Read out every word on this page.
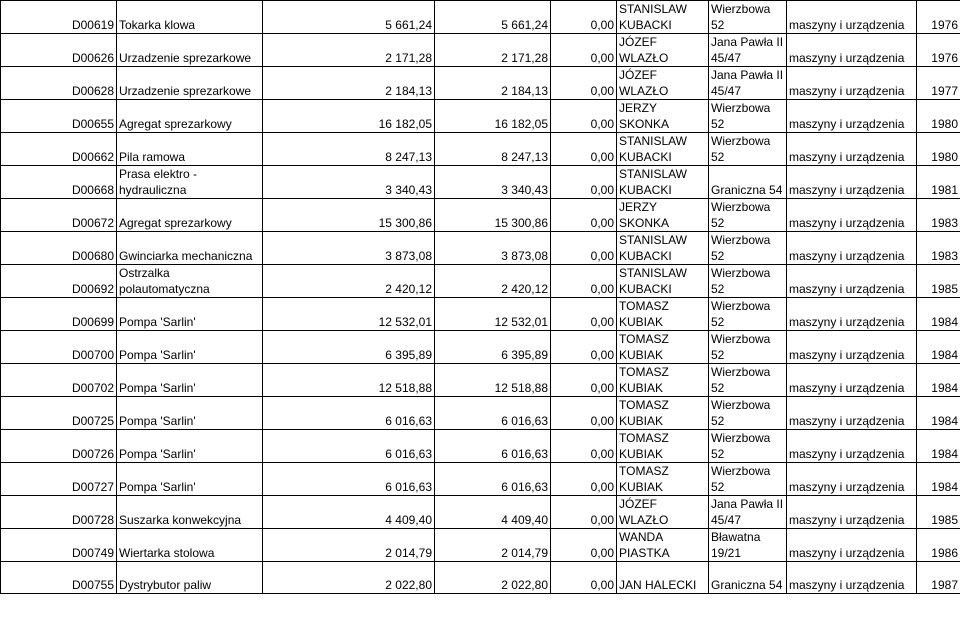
D00619	Tokarka klowa	5 661,24	5 661,24	0,00	STANISLAW KUBACKI	Wierzbowa 52	maszyny i urządzenia	1976
D00626	Urzadzenie sprezarkowe	2 171,28	2 171,28	0,00	JÓZEF WLAZŁO	Jana Pawła II 45/47	maszyny i urządzenia	1976
D00628	Urzadzenie sprezarkowe	2 184,13	2 184,13	0,00	JÓZEF WLAZŁO	Jana Pawła II 45/47	maszyny i urządzenia	1977
D00655	Agregat sprezarkowy	16 182,05	16 182,05	0,00	JERZY SKONKA	Wierzbowa 52	maszyny i urządzenia	1980
D00662	Pila ramowa	8 247,13	8 247,13	0,00	STANISLAW KUBACKI	Wierzbowa 52	maszyny i urządzenia	1980
D00668	Prasa elektro - hydrauliczna	3 340,43	3 340,43	0,00	STANISLAW KUBACKI	Graniczna 54	maszyny i urządzenia	1981
D00672	Agregat sprezarkowy	15 300,86	15 300,86	0,00	JERZY SKONKA	Wierzbowa 52	maszyny i urządzenia	1983
D00680	Gwinciarka mechaniczna	3 873,08	3 873,08	0,00	STANISLAW KUBACKI	Wierzbowa 52	maszyny i urządzenia	1983
D00692	Ostrzalka polautomatyczna	2 420,12	2 420,12	0,00	STANISLAW KUBACKI	Wierzbowa 52	maszyny i urządzenia	1985
D00699	Pompa 'Sarlin'	12 532,01	12 532,01	0,00	TOMASZ KUBIAK	Wierzbowa 52	maszyny i urządzenia	1984
D00700	Pompa 'Sarlin'	6 395,89	6 395,89	0,00	TOMASZ KUBIAK	Wierzbowa 52	maszyny i urządzenia	1984
D00702	Pompa 'Sarlin'	12 518,88	12 518,88	0,00	TOMASZ KUBIAK	Wierzbowa 52	maszyny i urządzenia	1984
D00725	Pompa 'Sarlin'	6 016,63	6 016,63	0,00	TOMASZ KUBIAK	Wierzbowa 52	maszyny i urządzenia	1984
D00726	Pompa 'Sarlin'	6 016,63	6 016,63	0,00	TOMASZ KUBIAK	Wierzbowa 52	maszyny i urządzenia	1984
D00727	Pompa 'Sarlin'	6 016,63	6 016,63	0,00	TOMASZ KUBIAK	Wierzbowa 52	maszyny i urządzenia	1984
D00728	Suszarka konwekcyjna	4 409,40	4 409,40	0,00	JÓZEF WLAZŁO	Jana Pawła II 45/47	maszyny i urządzenia	1985
D00749	Wiertarka stolowa	2 014,79	2 014,79	0,00	WANDA PIASTKA	Bławatna 19/21	maszyny i urządzenia	1986
D00755	Dystrybutor paliw	2 022,80	2 022,80	0,00	JAN HALECKI	Graniczna 54	maszyny i urządzenia	1987
